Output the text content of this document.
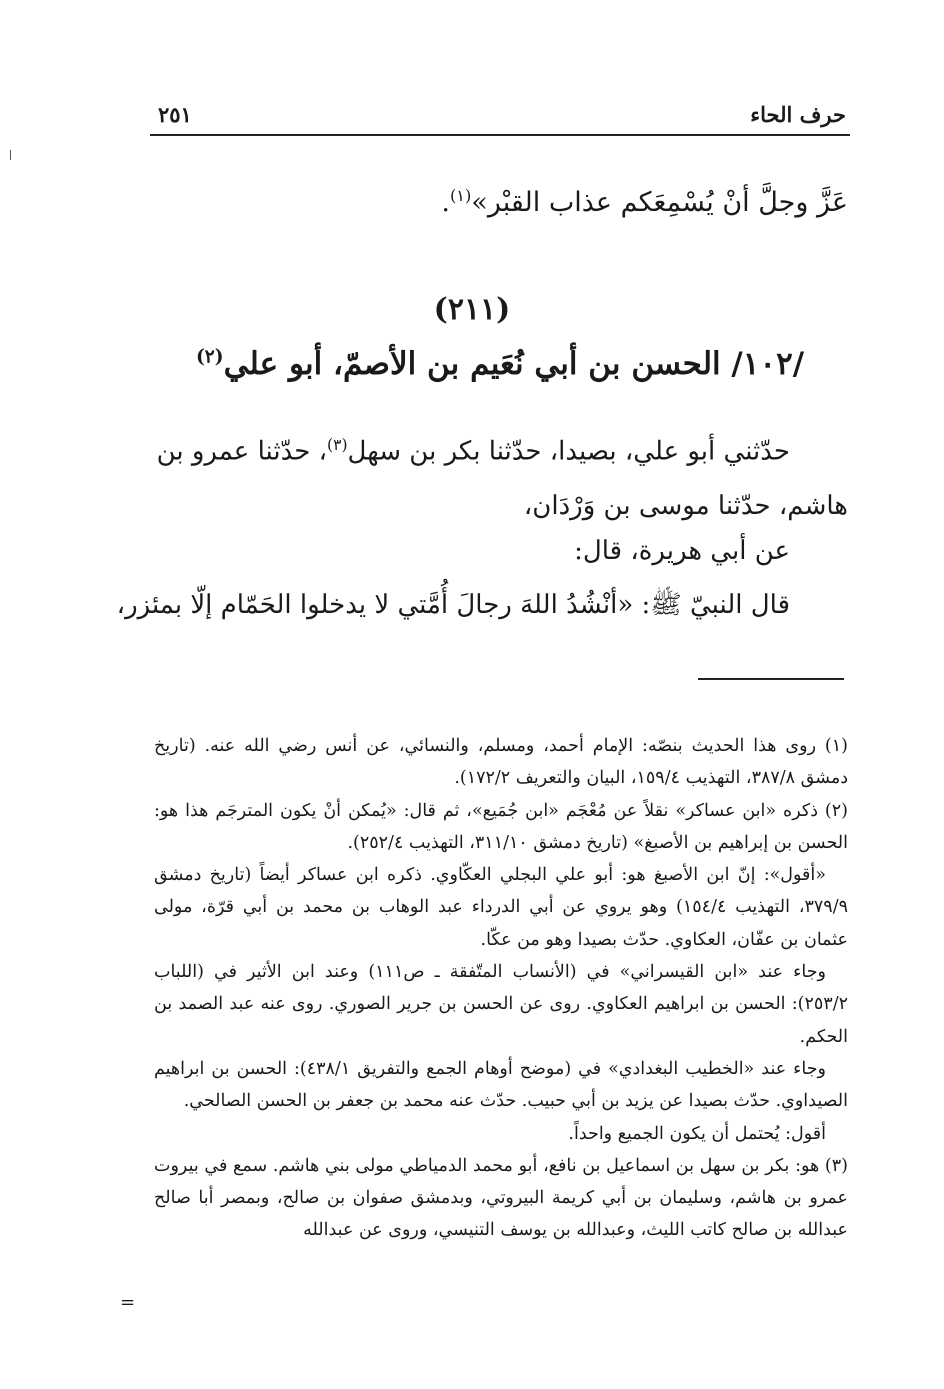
حرف الحاء
٢٥١
عَزَّ وجلَّ أنْ يُسْمِعَكم عذاب القبْر»$^{(١)}$.
(٢١١)
/١٠٢/ الحسن بن أبي نُعَيم بن الأصمّ، أبو علي$^{(٢)}$

حدّثني أبو علي، بصيدا، حدّثنا بكر بن سهل$^{(٣)}$، حدّثنا عمرو بن

هاشم، حدّثنا موسى بن وَرْدَان،

عن أبي هريرة، قال:

قال النبيّ ﷺ: «أنْشُدُ اللهَ رجالَ أُمَّتي لا يدخلوا الحَمّام إلّا بمئزر،

(١) روى هذا الحديث بنصّه: الإمام أحمد، ومسلم، والنسائي، عن أنس رضي الله عنه. (تاريخ دمشق ٣٨٧/٨، التهذيب ١٥٩/٤، البيان والتعريف ١٧٢/٢).

(٢) ذكره «ابن عساكر» نقلاً عن مُعْجَم «ابن جُمَيع»، ثم قال: «يُمكن أنْ يكون المترجَم هذا هو: الحسن بن إبراهيم بن الأصبغ» (تاريخ دمشق ٣١١/١٠، التهذيب ٢٥٢/٤).

«أقول»: إنّ ابن الأصبغ هو: أبو علي البجلي العكّاوي. ذكره ابن عساكر أيضاً (تاريخ دمشق ٣٧٩/٩، التهذيب ١٥٤/٤) وهو يروي عن أبي الدرداء عبد الوهاب بن محمد بن أبي قرّة، مولى عثمان بن عفّان، العكاوي. حدّث بصيدا وهو من عكّا.

وجاء عند «ابن القيسراني» في (الأنساب المتّفقة ـ ص١١١) وعند ابن الأثير في (اللباب ٢٥٣/٢): الحسن بن ابراهيم العكاوي. روى عن الحسن بن جرير الصوري. روى عنه عبد الصمد بن الحكم.

وجاء عند «الخطيب البغدادي» في (موضح أوهام الجمع والتفريق ٤٣٨/١): الحسن بن ابراهيم الصيداوي. حدّث بصيدا عن يزيد بن أبي حبيب. حدّث عنه محمد بن جعفر بن الحسن الصالحي.

أقول: يُحتمل أن يكون الجميع واحداً.

(٣) هو: بكر بن سهل بن اسماعيل بن نافع، أبو محمد الدمياطي مولى بني هاشم. سمع في بيروت عمرو بن هاشم، وسليمان بن أبي كريمة البيروتي، وبدمشق صفوان بن صالح، وبمصر أبا صالح عبدالله بن صالح كاتب الليث، وعبدالله بن يوسف التنيسي، وروى عن عبدالله

=
